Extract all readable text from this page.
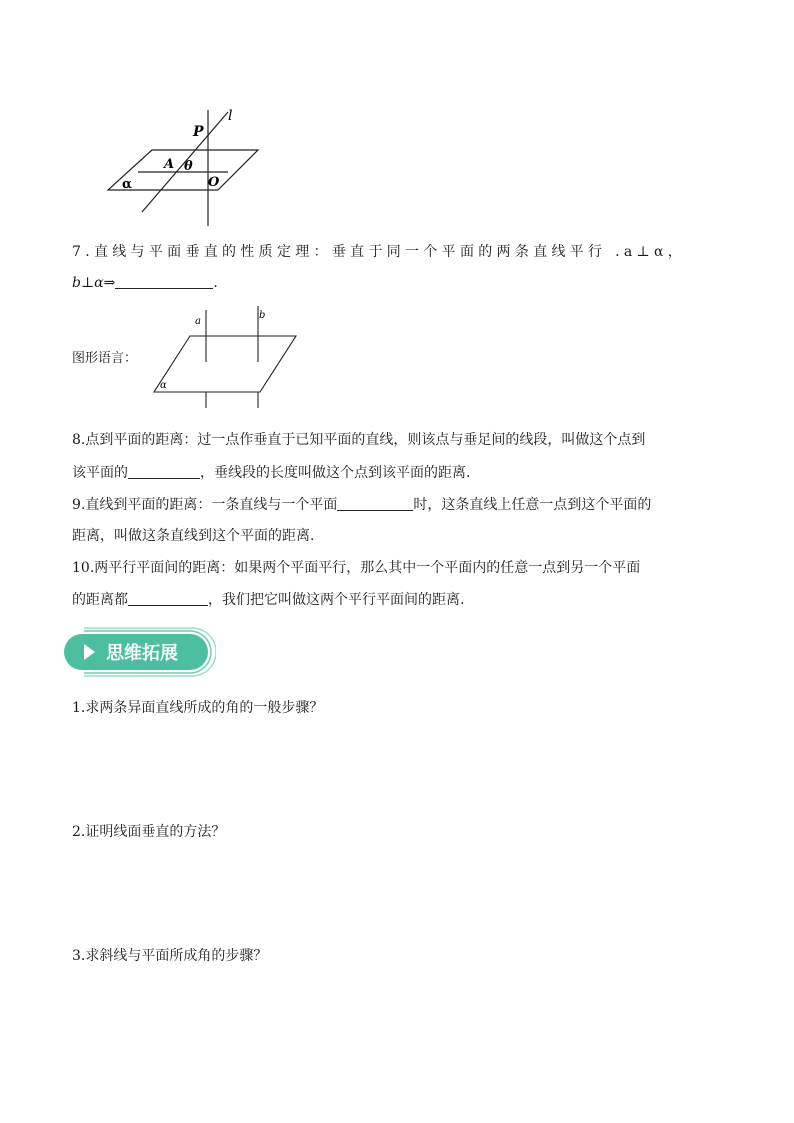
l
P
A θ
O
α
7.直线与平面垂直的性质定理：垂直于同一个平面的两条直线平行 .a⊥α，
b⊥α⇒	.
图形语言：
a
b
α
8.点到平面的距离：过一点作垂直于已知平面的直线，则该点与垂足间的线段，叫做这个点到
该平面的	，垂线段的长度叫做这个点到该平面的距离.
9.直线到平面的距离：一条直线与一个平面	时，这条直线上任意一点到这个平面的
距离，叫做这条直线到这个平面的距离.
10.两平行平面间的距离：如果两个平面平行，那么其中一个平面内的任意一点到另一个平面
的距离都	，我们把它叫做这两个平行平面间的距离.
思维拓展
1.求两条异面直线所成的角的一般步骤？
2.证明线面垂直的方法？
3.求斜线与平面所成角的步骤？
